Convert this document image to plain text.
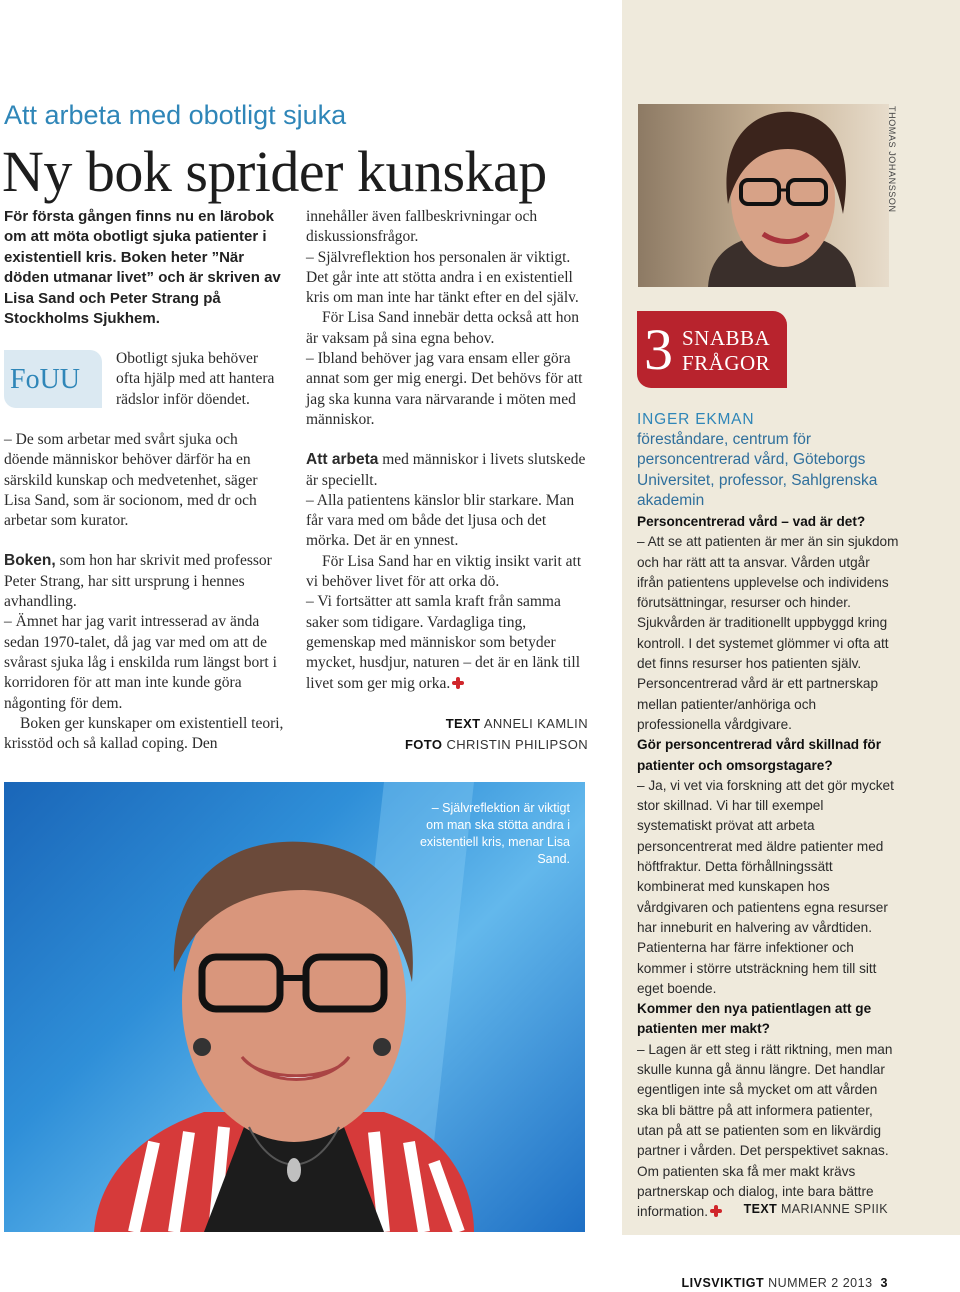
Att arbeta med obotligt sjuka
Ny bok sprider kunskap
För första gången finns nu en lärobok om att möta obotligt sjuka patienter i existentiell kris. Boken heter ”När döden utmanar livet” och är skriven av Lisa Sand och Peter Strang på Stockholms Sjukhem.
FoUU
Obotligt sjuka behöver ofta hjälp med att hantera rädslor inför döendet.

– De som arbetar med svårt sjuka och döende människor behöver därför ha en särskild kunskap och medvetenhet, säger Lisa Sand, som är socionom, med dr och arbetar som kurator.

Boken, som hon har skrivit med professor Peter Strang, har sitt ursprung i hennes avhandling.

– Ämnet har jag varit intresserad av ända sedan 1970-talet, då jag var med om att de svårast sjuka låg i enskilda rum längst bort i korridoren för att man inte kunde göra någonting för dem.

Boken ger kunskaper om existentiell teori, krisstöd och så kallad coping. Den

innehåller även fallbeskrivningar och diskussionsfrågor.

– Självreflektion hos personalen är viktigt. Det går inte att stötta andra i en existentiell kris om man inte har tänkt efter en del själv.

För Lisa Sand innebär detta också att hon är vaksam på sina egna behov.

– Ibland behöver jag vara ensam eller göra annat som ger mig energi. Det behövs för att jag ska kunna vara närvarande i möten med människor.

Att arbeta med människor i livets slutskede är speciellt.

– Alla patientens känslor blir starkare. Man får vara med om både det ljusa och det mörka. Det är en ynnest.

För Lisa Sand har en viktig insikt varit att vi behöver livet för att orka dö.

– Vi fortsätter att samla kraft från samma saker som tidigare. Vardagliga ting, gemenskap med människor som betyder mycket, husdjur, naturen – det är en länk till livet som ger mig orka.

TEXT ANNELI KAMLIN
FOTO CHRISTIN PHILIPSON
– Självreflektion är viktigt om man ska stötta andra i existentiell kris, menar Lisa Sand.
THOMAS JOHANSSON
3 SNABBA
FRÅGOR
INGER EKMAN
föreståndare, centrum för personcentrerad vård, Göteborgs Universitet, professor, Sahlgrenska akademin

Personcentrerad vård – vad är det?

– Att se att patienten är mer än sin sjukdom och har rätt att ta ansvar. Vården utgår ifrån patientens upplevelse och individens förutsättningar, resurser och hinder. Sjukvården är traditionellt uppbyggd kring kontroll. I det systemet glömmer vi ofta att det finns resurser hos patienten själv. Personcentrerad vård är ett partnerskap mellan patienter/anhöriga och professionella vårdgivare.

Gör personcentrerad vård skillnad för patienter och omsorgstagare?

– Ja, vi vet via forskning att det gör mycket stor skillnad. Vi har till exempel systematiskt prövat att arbeta personcentrerat med äldre patienter med höftfraktur. Detta förhållningssätt kombinerat med kunskapen hos vårdgivaren och patientens egna resurser har inneburit en halvering av vårdtiden. Patienterna har färre infektioner och kommer i större utsträckning hem till sitt eget boende.

Kommer den nya patientlagen att ge patienten mer makt?

– Lagen är ett steg i rätt riktning, men man skulle kunna gå ännu längre. Det handlar egentligen inte så mycket om att vården ska bli bättre på att informera patienter, utan på att se patienten som en likvärdig partner i vården. Det perspektivet saknas. Om patienten ska få mer makt krävs partnerskap och dialog, inte bara bättre information.	TEXT MARIANNE SPIIK
LIVSVIKTIGT NUMMER 2 2013 3
